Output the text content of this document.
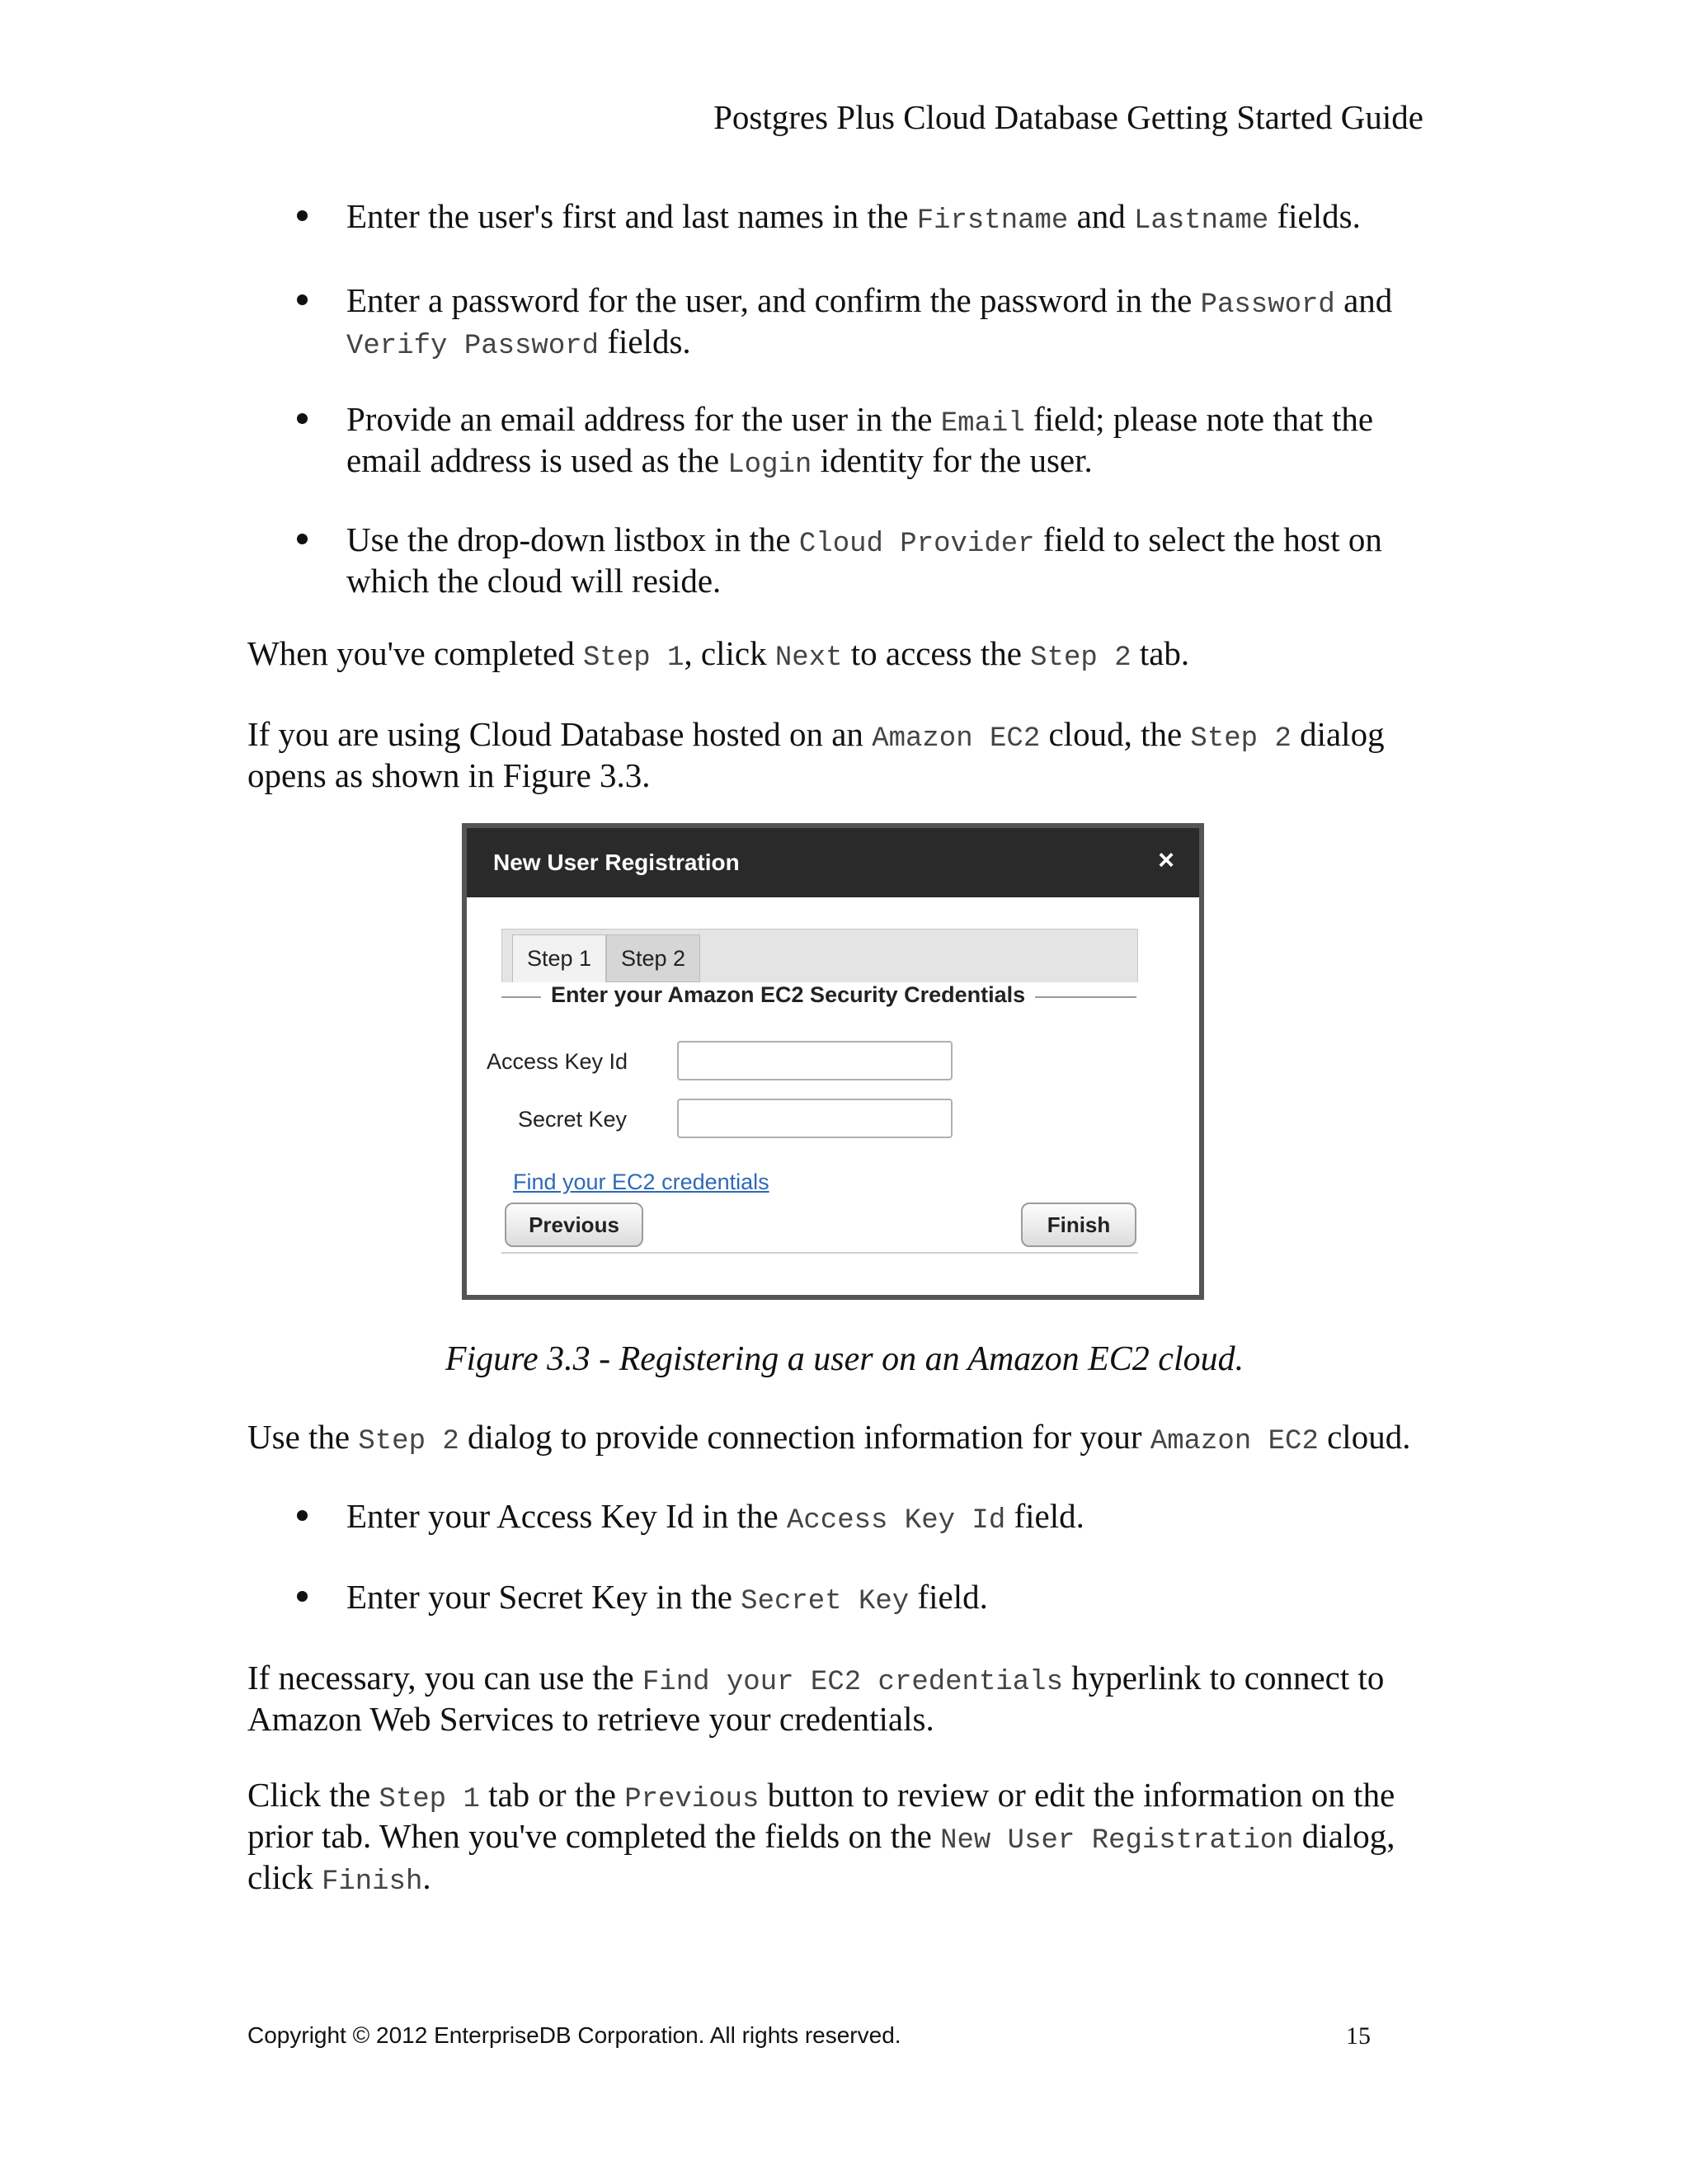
Postgres Plus Cloud Database Getting Started Guide
Enter the user's first and last names in the Firstname and Lastname fields.
Enter a password for the user, and confirm the password in the Password and Verify Password fields.
Provide an email address for the user in the Email field; please note that the email address is used as the Login identity for the user.
Use the drop-down listbox in the Cloud Provider field to select the host on which the cloud will reside.
When you've completed Step 1, click Next to access the Step 2 tab.
If you are using Cloud Database hosted on an Amazon EC2 cloud, the Step 2 dialog opens as shown in Figure 3.3.
New User Registration	×
Step 1	Step 2
Enter your Amazon EC2 Security Credentials
Access Key Id
Secret Key
Find your EC2 credentials
Previous	Finish
Figure 3.3 - Registering a user on an Amazon EC2 cloud.
Use the Step 2 dialog to provide connection information for your Amazon EC2 cloud.
Enter your Access Key Id in the Access Key Id field.
Enter your Secret Key in the Secret Key field.
If necessary, you can use the Find your EC2 credentials hyperlink to connect to Amazon Web Services to retrieve your credentials.
Click the Step 1 tab or the Previous button to review or edit the information on the prior tab. When you've completed the fields on the New User Registration dialog, click Finish.
Copyright © 2012 EnterpriseDB Corporation. All rights reserved.	15
